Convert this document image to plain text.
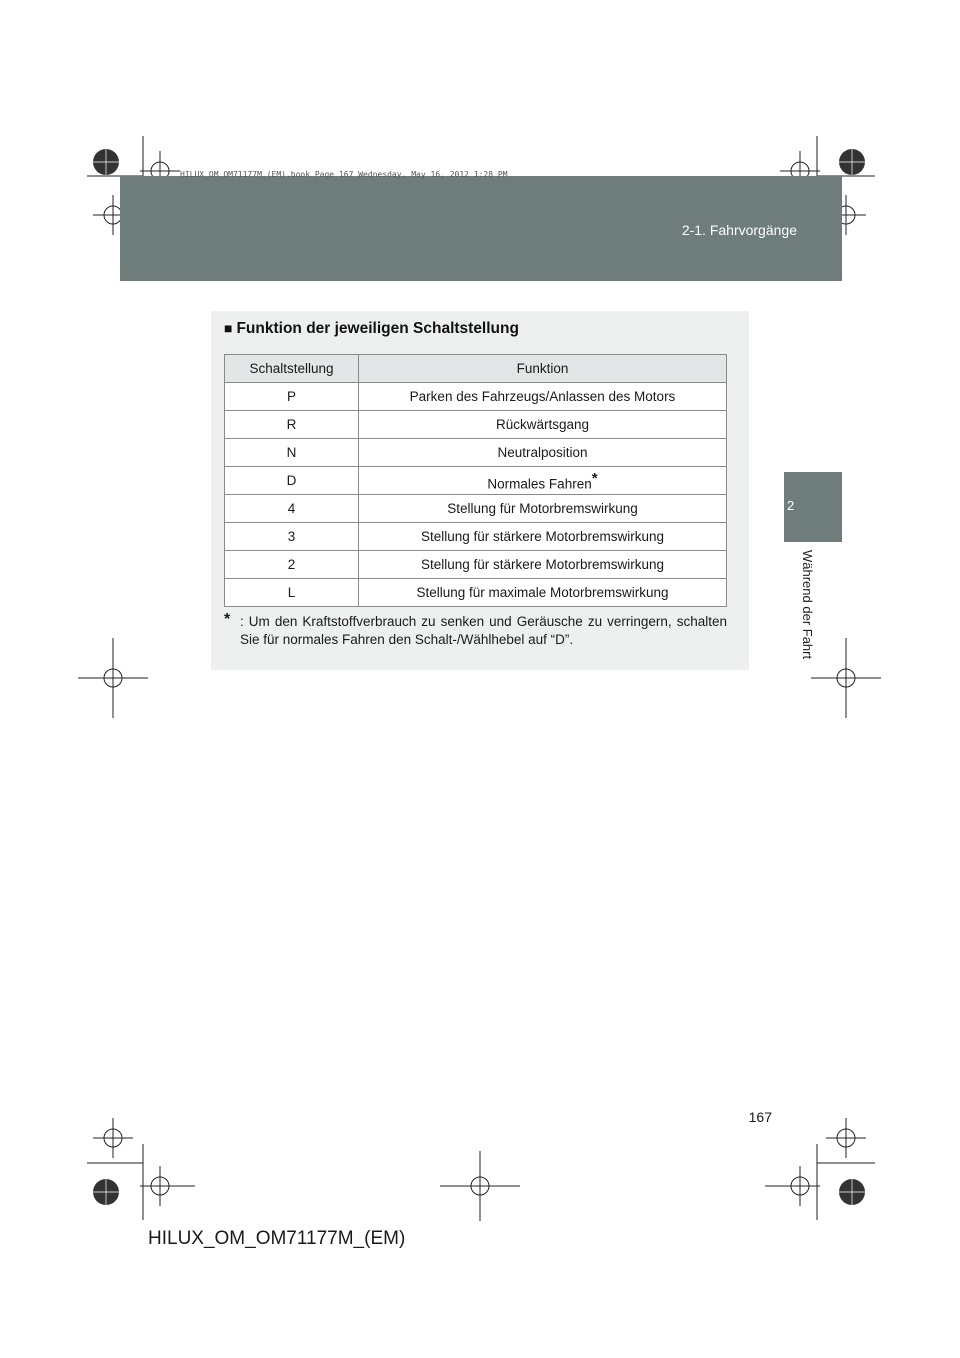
HILUX_OM_OM71177M_(EM).book Page 167 Wednesday, May 16, 2012 1:28 PM
2-1. Fahrvorgänge
2
Während der Fahrt
■ Funktion der jeweiligen Schaltstellung
Schaltstellung	Funktion
P	Parken des Fahrzeugs/Anlassen des Motors
R	Rückwärtsgang
N	Neutralposition
D	Normales Fahren*
4	Stellung für Motorbremswirkung
3	Stellung für stärkere Motorbremswirkung
2	Stellung für stärkere Motorbremswirkung
L	Stellung für maximale Motorbremswirkung
* : Um den Kraftstoffverbrauch zu senken und Geräusche zu verringern, schalten Sie für normales Fahren den Schalt-/Wählhebel auf “D”.
167
HILUX_OM_OM71177M_(EM)
